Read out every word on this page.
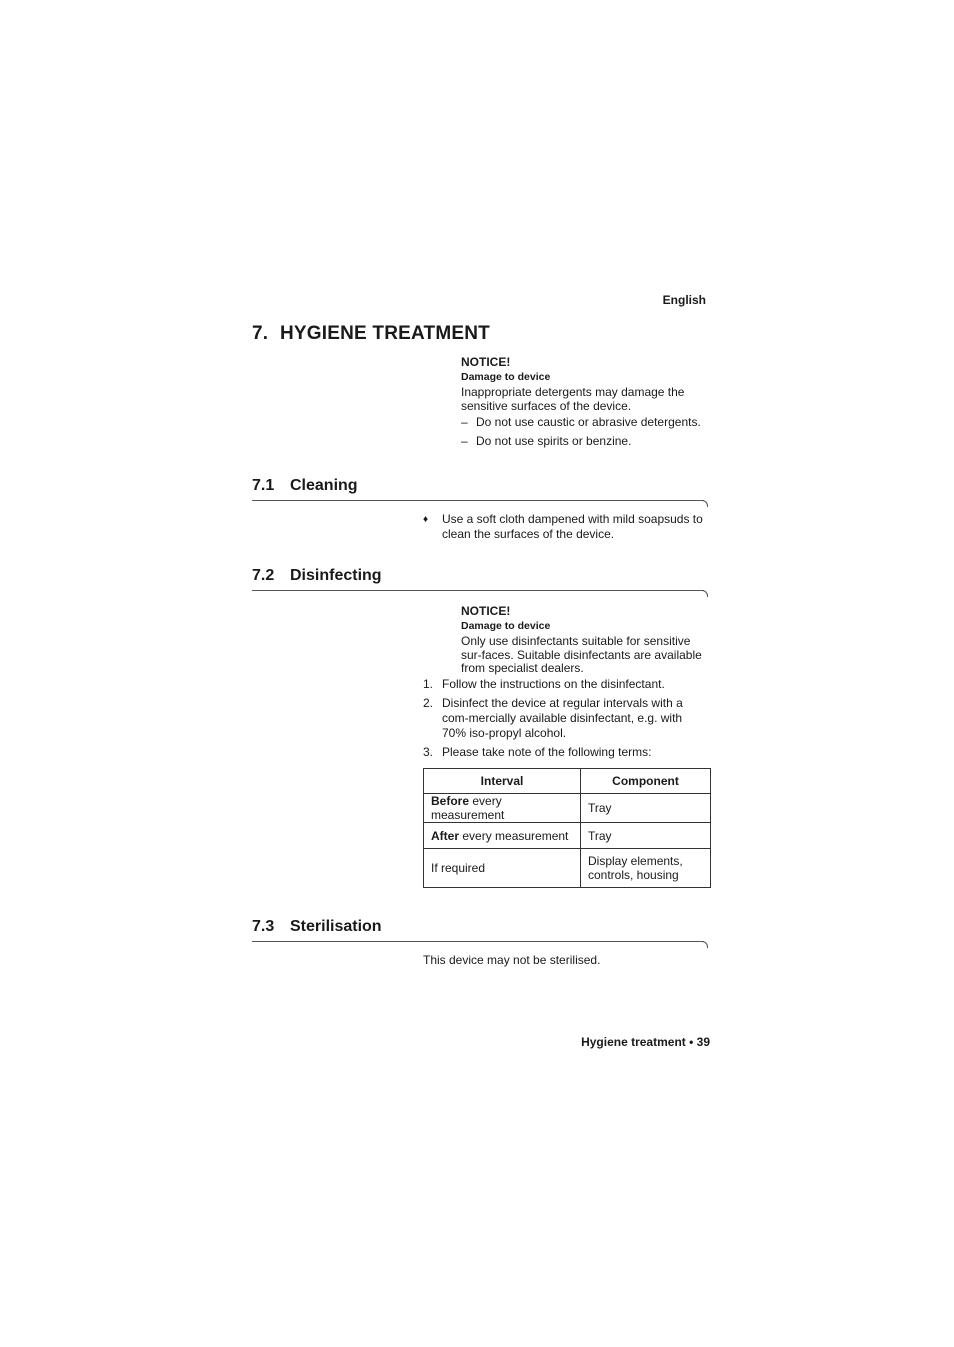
English
7. HYGIENE TREATMENT
NOTICE!
Damage to device
Inappropriate detergents may damage the sensitive surfaces of the device.
– Do not use caustic or abrasive detergents.
– Do not use spirits or benzine.
7.1 Cleaning
♦ Use a soft cloth dampened with mild soapsuds to clean the surfaces of the device.
7.2 Disinfecting
NOTICE!
Damage to device
Only use disinfectants suitable for sensitive sur-faces. Suitable disinfectants are available from specialist dealers.
1. Follow the instructions on the disinfectant.
2. Disinfect the device at regular intervals with a com-mercially available disinfectant, e.g. with 70% iso-propyl alcohol.
3. Please take note of the following terms:
Interval	Component
Before every measurement	Tray
After every measurement	Tray
If required	Display elements, controls, housing
7.3 Sterilisation
This device may not be sterilised.
Hygiene treatment • 39
